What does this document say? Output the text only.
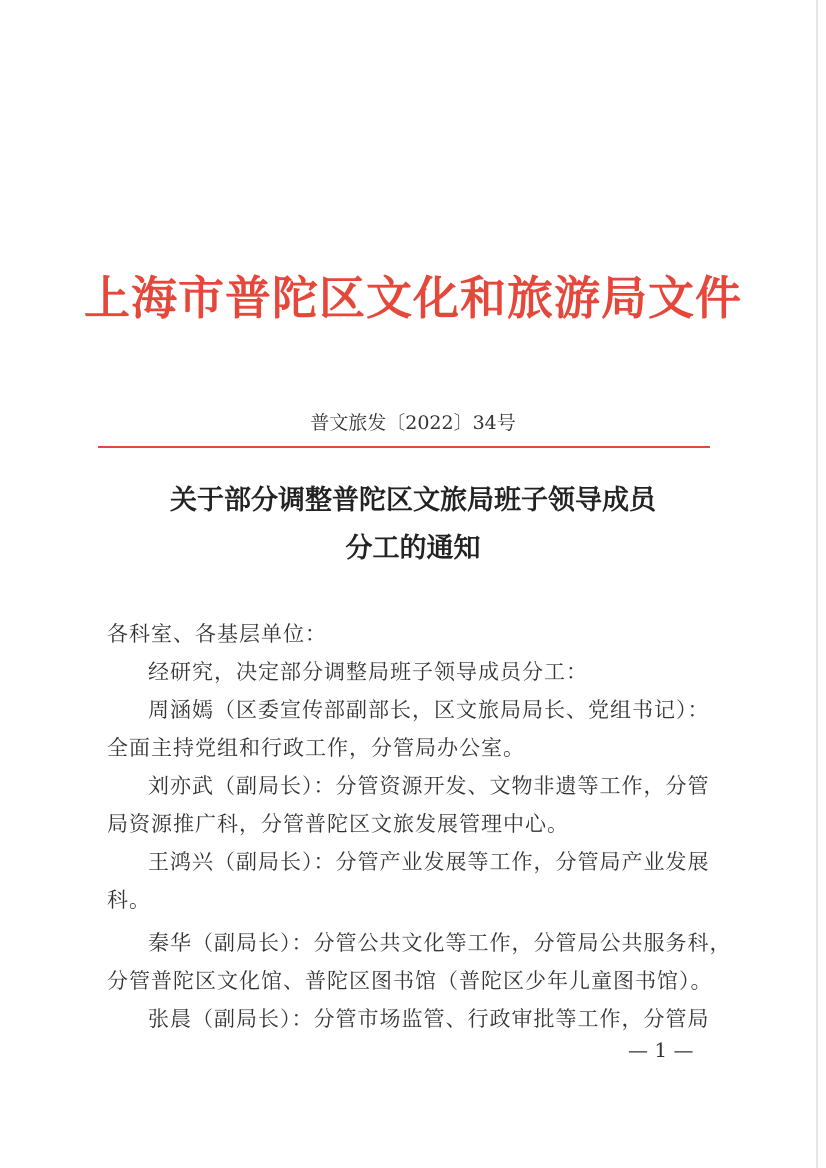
上海市普陀区文化和旅游局文件
普文旅发〔2022〕34号
关于部分调整普陀区文旅局班子领导成员
分工的通知
各科室、各基层单位：
经研究，决定部分调整局班子领导成员分工：
周涵嫣（区委宣传部副部长，区文旅局局长、党组书记）：
全面主持党组和行政工作，分管局办公室。
刘亦武（副局长）：分管资源开发、文物非遗等工作，分管
局资源推广科，分管普陀区文旅发展管理中心。
王鸿兴（副局长）：分管产业发展等工作，分管局产业发展
科。
秦华（副局长）：分管公共文化等工作，分管局公共服务科，
分管普陀区文化馆、普陀区图书馆（普陀区少年儿童图书馆）。
张晨（副局长）：分管市场监管、行政审批等工作，分管局
— 1 —
